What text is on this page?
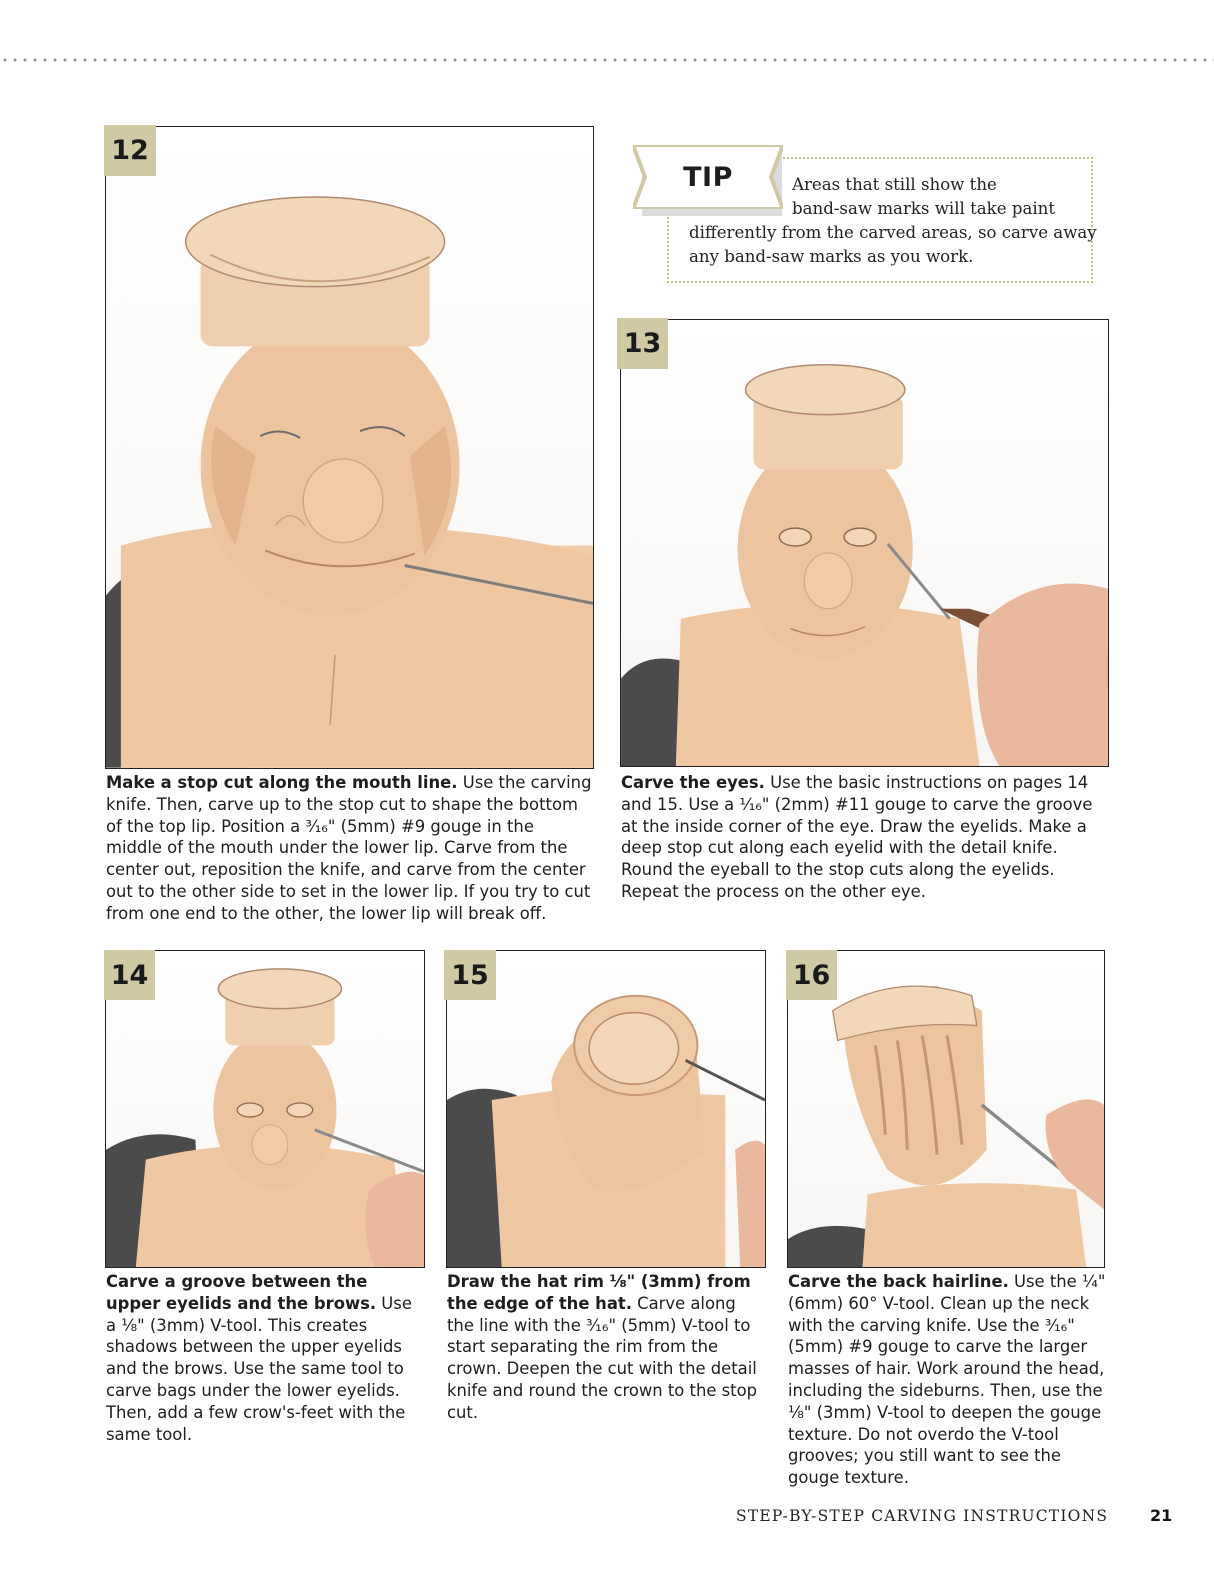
12

Make a stop cut along the mouth line. Use the carving knife. Then, carve up to the stop cut to shape the bottom of the top lip. Position a ³⁄₁₆" (5mm) #9 gouge in the middle of the mouth under the lower lip. Carve from the center out, reposition the knife, and carve from the center out to the other side to set in the lower lip. If you try to cut from one end to the other, the lower lip will break off.

TIP	Areas that still show the

band-saw marks will take paint

differently from the carved areas, so carve away

any band-saw marks as you work.

13

Carve the eyes. Use the basic instructions on pages 14 and 15. Use a ¹⁄₁₆" (2mm) #11 gouge to carve the groove at the inside corner of the eye. Draw the eyelids. Make a deep stop cut along each eyelid with the detail knife. Round the eyeball to the stop cuts along the eyelids. Repeat the process on the other eye.

14

Carve a groove between the upper eyelids and the brows. Use a ⅛" (3mm) V-tool. This creates shadows between the upper eyelids and the brows. Use the same tool to carve bags under the lower eyelids. Then, add a few crow's-feet with the same tool.

15

Draw the hat rim ⅛" (3mm) from the edge of the hat. Carve along the line with the ³⁄₁₆" (5mm) V-tool to start separating the rim from the crown. Deepen the cut with the detail knife and round the crown to the stop cut.

16

Carve the back hairline. Use the ¼" (6mm) 60° V-tool. Clean up the neck with the carving knife. Use the ³⁄₁₆" (5mm) #9 gouge to carve the larger masses of hair. Work around the head, including the sideburns. Then, use the ⅛" (3mm) V-tool to deepen the gouge texture. Do not overdo the V-tool grooves; you still want to see the gouge texture.

STEP-BY-STEP CARVING INSTRUCTIONS	21
